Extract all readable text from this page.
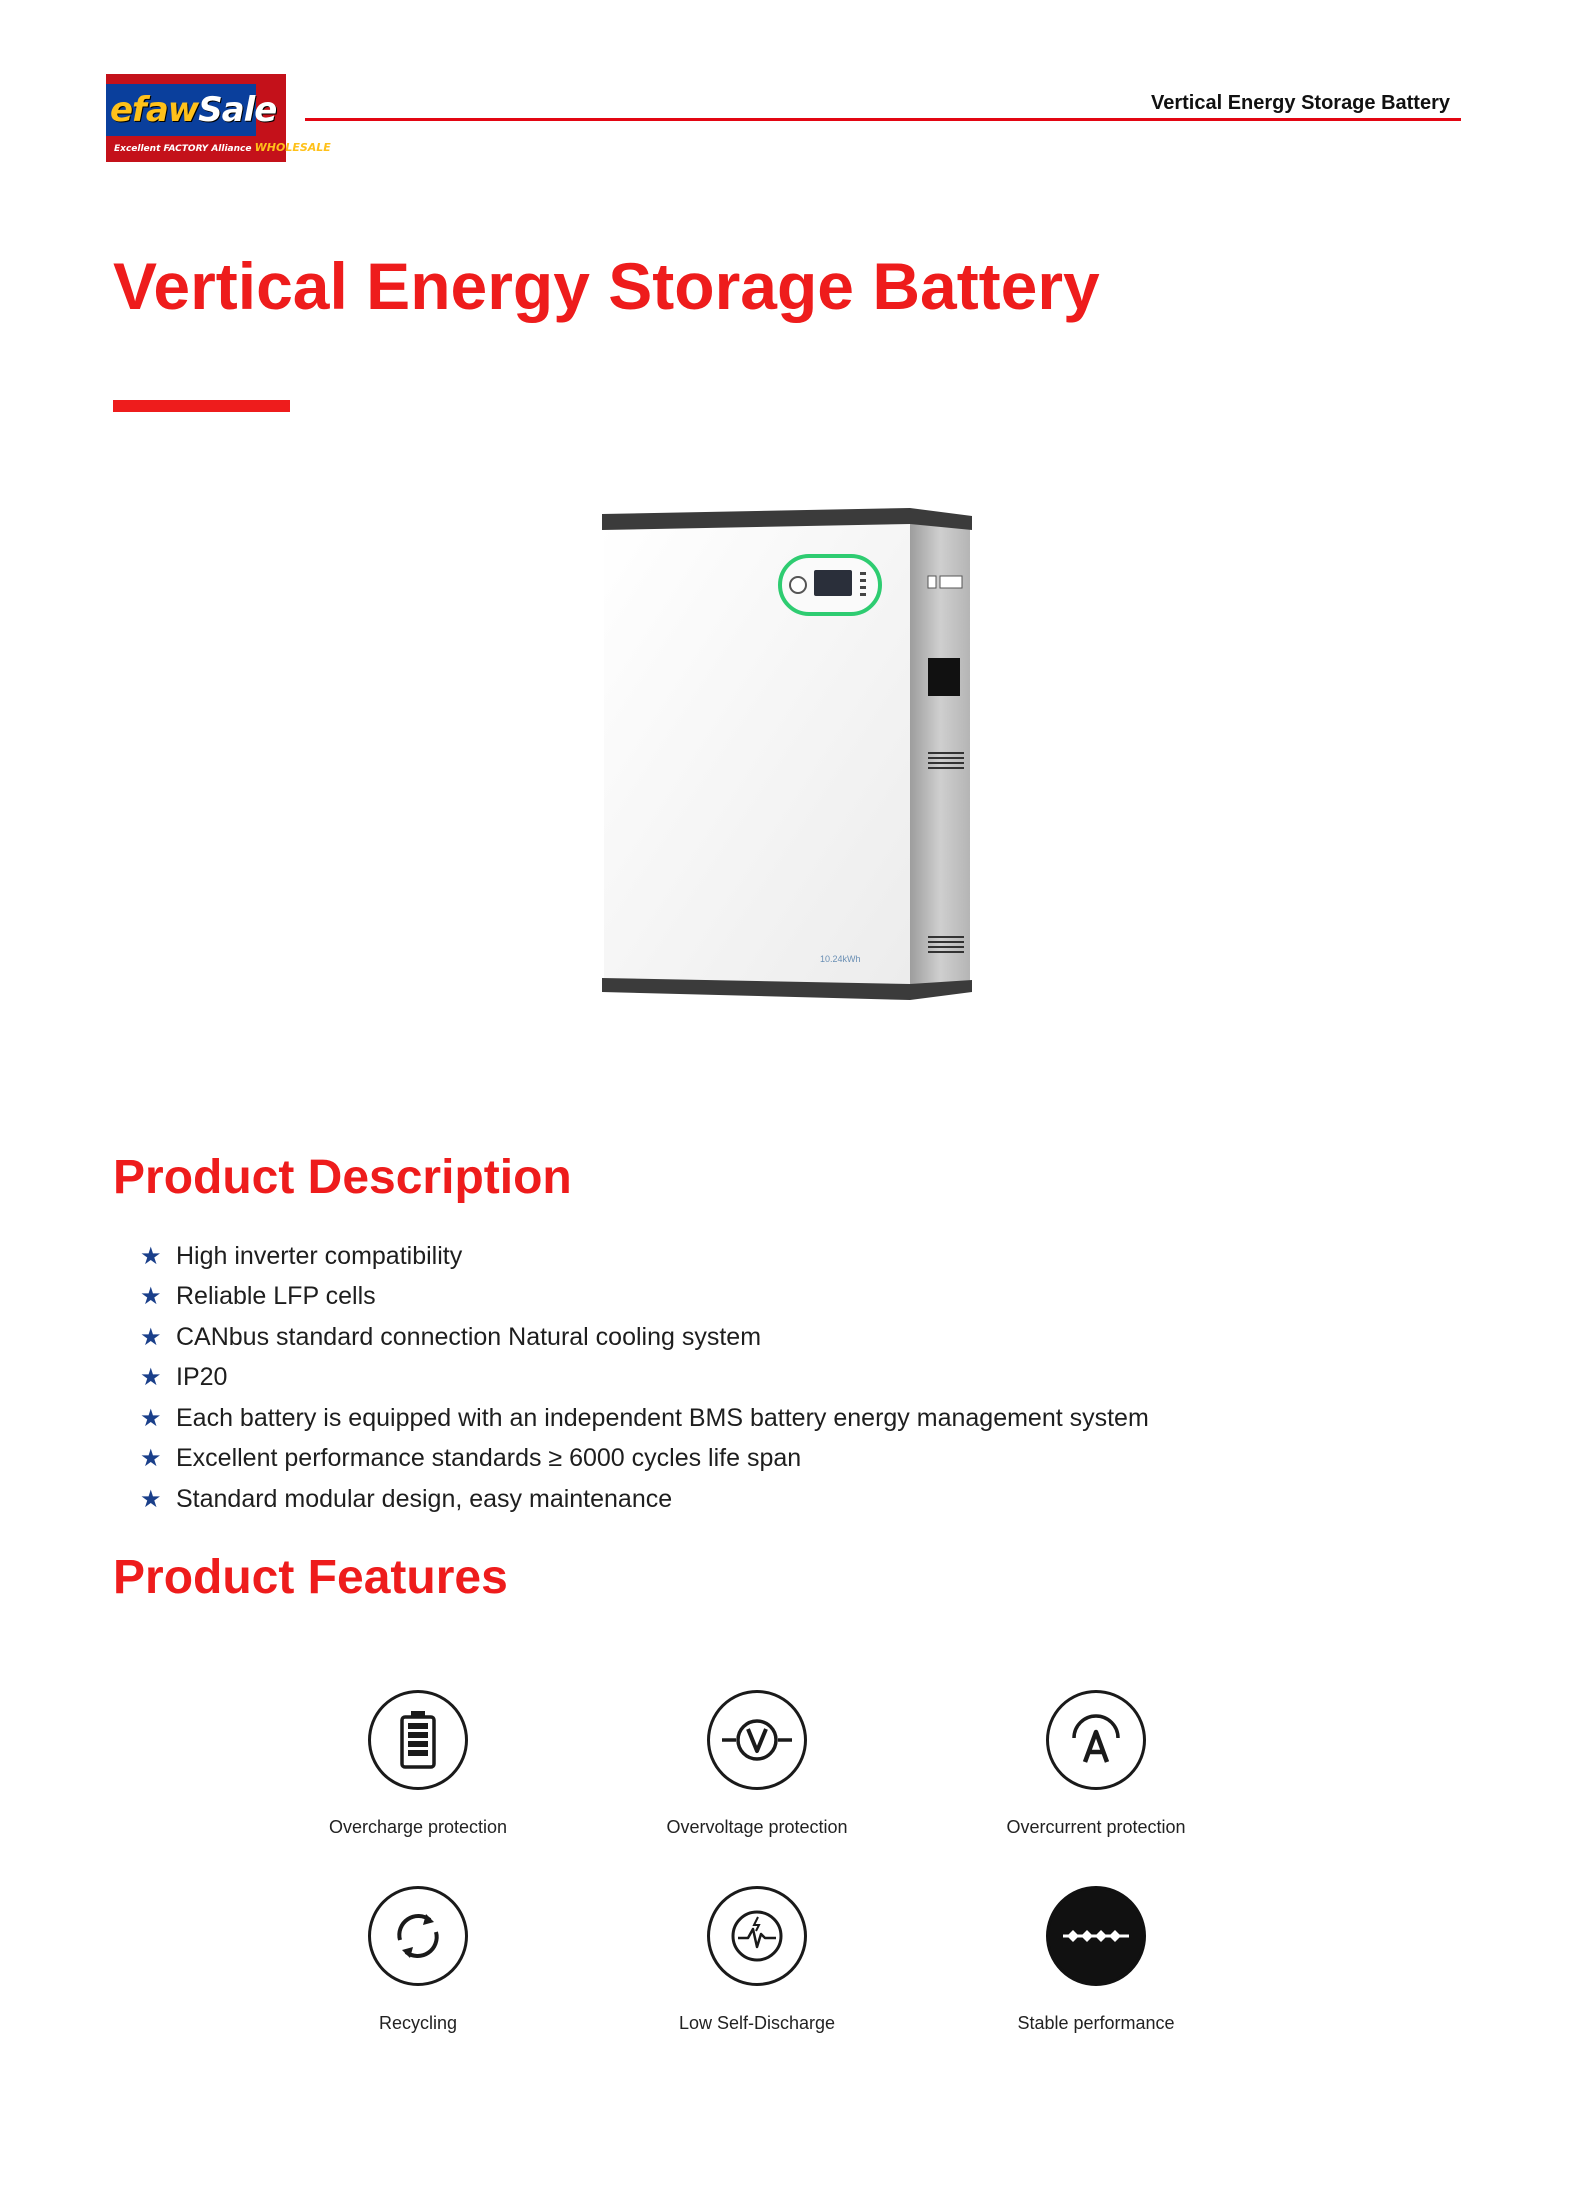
efawSale
Excellent FACTORY Alliance WHOLESALE
Vertical Energy Storage Battery
Vertical Energy Storage Battery
10.24kWh
Product Description
★ High inverter compatibility
★ Reliable LFP cells
★ CANbus standard connection Natural cooling system
★ IP20
★ Each battery is equipped with an independent BMS battery energy management system
★ Excellent performance standards ≥ 6000 cycles life span
★ Standard modular design, easy maintenance
Product Features
Overcharge protection	Overvoltage protection	Overcurrent protection
Recycling	Low Self-Discharge	Stable performance
